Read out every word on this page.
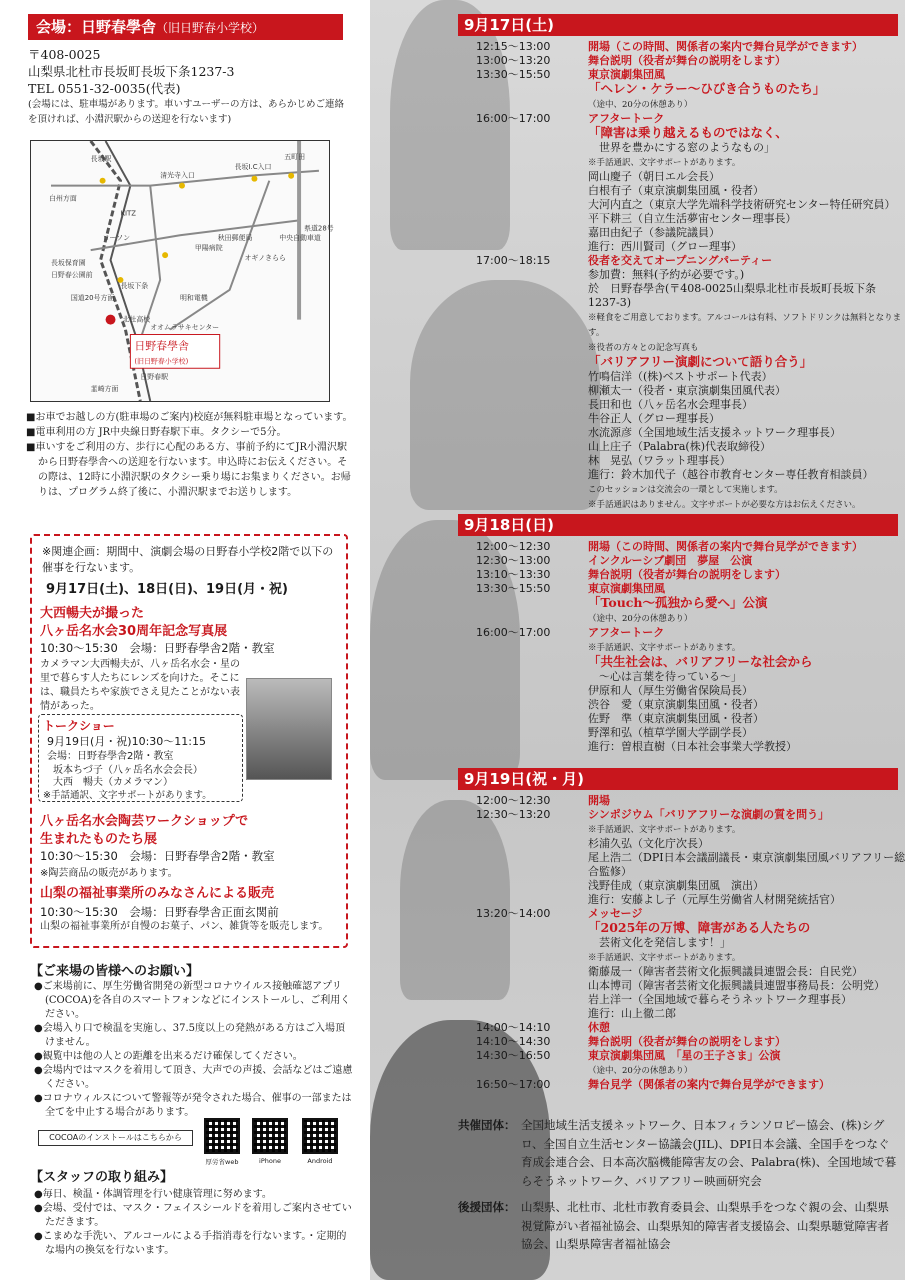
会場：日野春學舎（旧日野春小学校）
〒408-0025
山梨県北杜市長坂町長坂下条1237-3
TEL 0551-32-0035(代表)
(会場には、駐車場があります。車いすユーザーの方は、あらかじめご連絡を頂ければ、小淵沢駅からの送迎を行ないます)
長坂駅
白州方面
清光寺入口
長坂I.C入口
五町田
KITZ
甲陽病院
秋田郵便局
オギノきらら
中央自動車道
県道28号
長坂保育園
日野春公園前
明和電機
国道20号方面
長坂下条
北杜高校
オオムラサキセンター
日野春學舎
(旧日野春小学校)
日野春駅
韮崎方面
ローソン

■お車でお越しの方(駐車場のご案内)校庭が無料駐車場となっています。

■電車利用の方 JR中央線日野春駅下車。タクシーで5分。

■車いすをご利用の方、歩行に心配のある方、事前予約にてJR小淵沢駅から日野春學舎への送迎を行ないます。申込時にお伝えください。その際は、12時に小淵沢駅のタクシー乗り場にお集まりください。お帰りは、プログラム終了後に、小淵沢駅までお送りします。

※関連企画：期間中、演劇会場の日野春小学校2階で以下の催事を行ないます。
9月17日(土)、18日(日)、19日(月・祝)
大西暢夫が撮った
八ヶ岳名水会30周年記念写真展
10:30～15:30　会場：日野春學舎2階・教室
カメラマン大西暢夫が、八ヶ岳名水会・星の里で暮らす人たちにレンズを向けた。そこには、職員たちや家族でさえ見たことがない表情があった。
トークショー
9月19日(月・祝)10:30～11:15
会場：日野春學舎2階・教室
坂本ちづ子（八ヶ岳名水会会長）
大西　暢夫（カメラマン）
※手話通訳、文字サポートがあります。
八ヶ岳名水会陶芸ワークショップで
生まれたものたち展
10:30～15:30　会場：日野春學舎2階・教室
※陶芸商品の販売があります。
山梨の福祉事業所のみなさんによる販売
10:30～15:30　会場：日野春學舎正面玄関前
山梨の福祉事業所が自慢のお菓子、パン、雑貨等を販売します。
【ご来場の皆様へのお願い】

●ご来場前に、厚生労働省開発の新型コロナウイルス接触確認アプリ(COCOA)を各自のスマートフォンなどにインストールし、ご利用ください。

●会場入り口で検温を実施し、37.5度以上の発熱がある方はご入場頂けません。

●観覧中は他の人との距離を出来るだけ確保してください。

●会場内ではマスクを着用して頂き、大声での声援、会話などはご遠慮ください。

●コロナウィルスについて警報等が発令された場合、催事の一部または全てを中止する場合があります。

COCOAのインストールはこちらから
厚労省web	iPhone	Android
【スタッフの取り組み】

●毎日、検温・体調管理を行い健康管理に努めます。

●会場、受付では、マスク・フェイスシールドを着用しご案内させていただきます。

●こまめな手洗い、アルコールによる手指消毒を行ないます。・定期的な場内の換気を行ないます。

9月17日(土)
12:15～13:00	開場（この時間、関係者の案内で舞台見学ができます）
13:00～13:20	舞台説明（役者が舞台の説明をします）
13:30～15:50	東京演劇集団風
「ヘレン・ケラー～ひびき合うものたち」
（途中、20分の休憩あり）
16:00～17:00	アフタートーク
「障害は乗り越えるものではなく、
　世界を豊かにする窓のようなもの」
※手話通訳、文字サポートがあります。
岡山慶子（朝日エル会長）
白根有子（東京演劇集団風・役者）
大河内直之（東京大学先端科学技術研究センター特任研究員）
平下耕三（自立生活夢宙センター理事長）
嘉田由紀子（参議院議員）
進行：西川賢司（グロー理事）
17:00～18:15	役者を交えてオープニングパーティー
参加費：無料(予約が必要です。)
於　日野春學舎(〒408-0025山梨県北杜市長坂町長坂下条1237-3)
※軽食をご用意しております。アルコールは有料、ソフトドリンクは無料となります。
※役者の方々との記念写真も
「バリアフリー演劇について語り合う」
竹鳴信洋（(株)ベストサポート代表）
柳瀬太一（役者・東京演劇集団風代表）
長田和也（八ヶ岳名水会理事長）
牛谷正人（グロー理事長）
水流源彦（全国地域生活支援ネットワーク理事長）
山上庄子（Palabra(株)代表取締役）
林　晃弘（ワラット理事長）
進行：鈴木加代子（越谷市教育センター専任教育相談員）
このセッションは交流会の一環として実施します。
※手話通訳はありません。文字サポートが必要な方はお伝えください。
9月18日(日)
12:00～12:30	開場（この時間、関係者の案内で舞台見学ができます）
12:30～13:00	インクルーシブ劇団　夢屋　公演
13:10～13:30	舞台説明（役者が舞台の説明をします）
13:30～15:50	東京演劇集団風
「Touch～孤独から愛へ」公演
（途中、20分の休憩あり）
16:00～17:00	アフタートーク
※手話通訳、文字サポートがあります。
「共生社会は、バリアフリーな社会から
　～心は言葉を待っている～」
伊原和人（厚生労働省保険局長）
渋谷　愛（東京演劇集団風・役者）
佐野　準（東京演劇集団風・役者）
野澤和弘（植草学園大学副学長）
進行：曽根直樹（日本社会事業大学教授）
9月19日(祝・月)
12:00～12:30	開場
12:30～13:20	シンポジウム「バリアフリーな演劇の質を問う」
※手話通訳、文字サポートがあります。
杉浦久弘（文化庁次長）
尾上浩二（DPI日本会議副議長・東京演劇集団風バリアフリー総合監修）
浅野佳成（東京演劇集団風　演出）
進行：安藤よし子（元厚生労働省人材開発統括官）
13:20～14:00	メッセージ
「2025年の万博、障害がある人たちの
　芸術文化を発信します！」
※手話通訳、文字サポートがあります。
衛藤晟一（障害者芸術文化振興議員連盟会長：自民党）
山本博司（障害者芸術文化振興議員連盟事務局長：公明党）
岩上洋一（全国地域で暮らそうネットワーク理事長）
進行：山上徹二郎
14:00～14:10	休憩
14:10～14:30	舞台説明（役者が舞台の説明をします）
14:30～16:50	東京演劇集団風　「星の王子さま」公演
（途中、20分の休憩あり）
16:50～17:00	舞台見学（関係者の案内で舞台見学ができます）
共催団体： 全国地域生活支援ネットワーク、日本フィランソロピー協会、(株)シグロ、全国自立生活センター協議会(JIL)、DPI日本会議、全国手をつなぐ育成会連合会、日本高次脳機能障害友の会、Palabra(株)、全国地域で暮らそうネットワーク、バリアフリー映画研究会
後援団体： 山梨県、北杜市、北杜市教育委員会、山梨県手をつなぐ親の会、山梨県視覚障がい者福祉協会、山梨県知的障害者支援協会、山梨県聴覚障害者協会、山梨県障害者福祉協会
